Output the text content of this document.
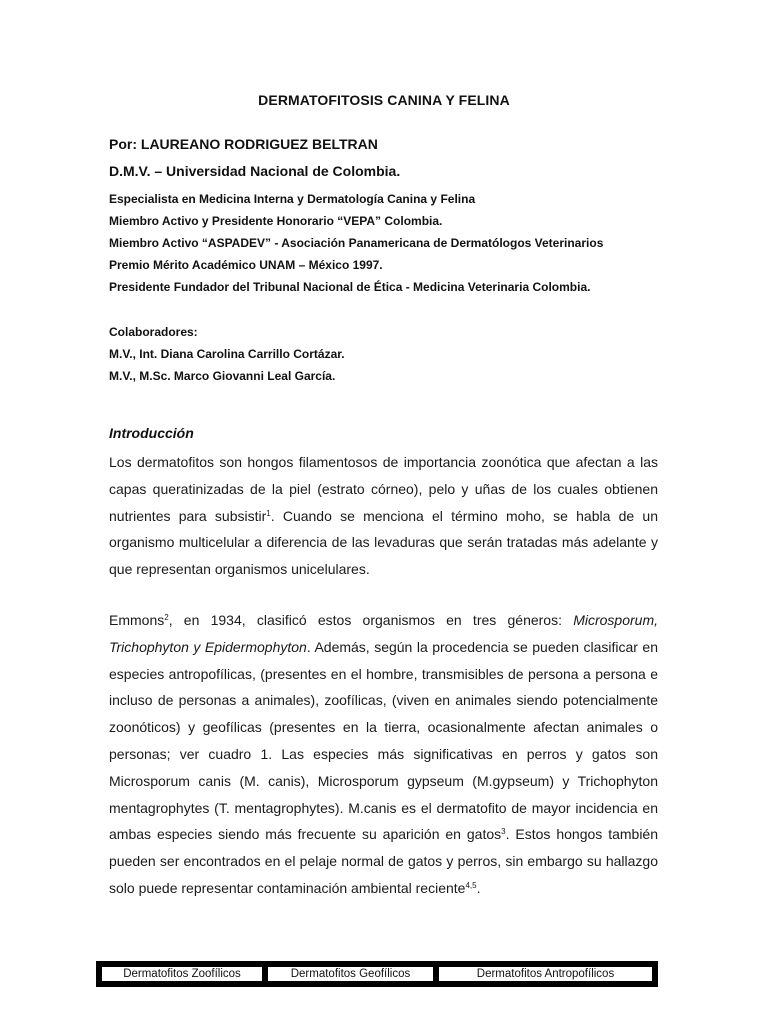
DERMATOFITOSIS CANINA Y FELINA
Por: LAUREANO RODRIGUEZ BELTRAN
D.M.V. – Universidad Nacional de Colombia.
Especialista en Medicina Interna y Dermatología Canina y Felina
Miembro Activo y Presidente Honorario “VEPA” Colombia.
Miembro Activo “ASPADEV” - Asociación Panamericana de Dermatólogos Veterinarios
Premio Mérito Académico UNAM – México 1997.
Presidente Fundador del Tribunal Nacional de Ética - Medicina Veterinaria Colombia.
Colaboradores:
M.V., Int. Diana Carolina Carrillo Cortázar.
M.V., M.Sc. Marco Giovanni Leal García.
Introducción

Los dermatofitos son hongos filamentosos de importancia zoonótica que afectan a las capas queratinizadas de la piel (estrato córneo), pelo y uñas de los cuales obtienen nutrientes para subsistir$^1$. Cuando se menciona el término moho, se habla de un organismo multicelular a diferencia de las levaduras que serán tratadas más adelante y que representan organismos unicelulares.

Emmons$^2$, en 1934, clasificó estos organismos en tres géneros: Microsporum, Trichophyton y Epidermophyton. Además, según la procedencia se pueden clasificar en especies antropofílicas, (presentes en el hombre, transmisibles de persona a persona e incluso de personas a animales), zoofílicas, (viven en animales siendo potencialmente zoonóticos) y geofílicas (presentes en la tierra, ocasionalmente afectan animales o personas; ver cuadro 1. Las especies más significativas en perros y gatos son Microsporum canis (M. canis), Microsporum gypseum (M.gypseum) y Trichophyton mentagrophytes (T. mentagrophytes). M.canis es el dermatofito de mayor incidencia en ambas especies siendo más frecuente su aparición en gatos$^3$. Estos hongos también pueden ser encontrados en el pelaje normal de gatos y perros, sin embargo su hallazgo solo puede representar contaminación ambiental reciente$^{4,5}$.

Dermatofitos Zoofílicos	Dermatofitos Geofílicos	Dermatofitos Antropofílicos
